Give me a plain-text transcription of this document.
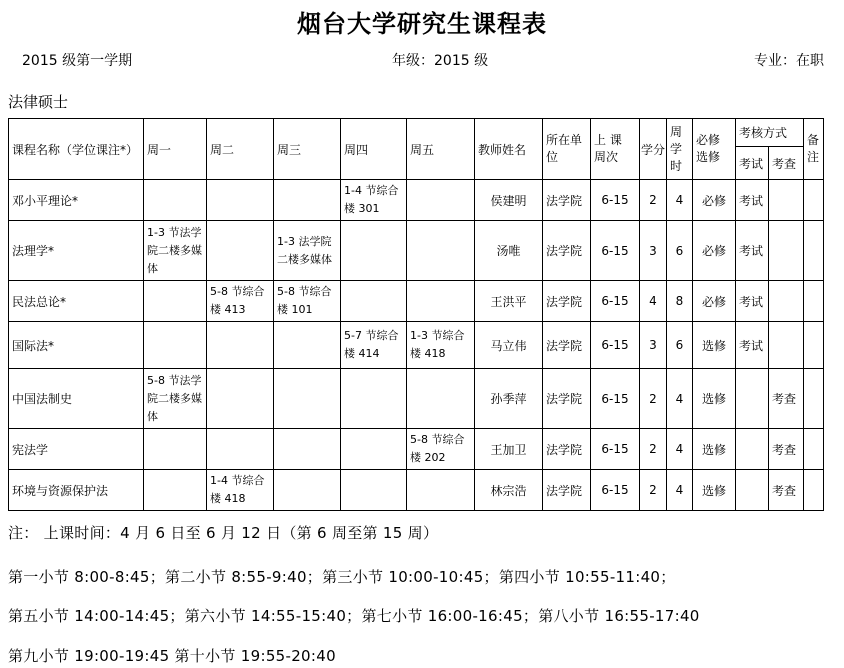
烟台大学研究生课程表
2015 级第一学期	年级：2015 级	专业：在职
法律硕士
课程名称（学位课注*）	周一	周二	周三	周四	周五	教师姓名	所在单位	上 课 周次	学分	周学时	必修 选修	考核方式		备注
												考试	考查	
邓小平理论*				1-4 节综合楼 301		侯建明	法学院	6-15	2	4	必修	考试		
法理学*	1-3 节法学院二楼多媒体		1-3 法学院二楼多媒体			汤唯	法学院	6-15	3	6	必修	考试		
民法总论*		5-8 节综合楼 413	5-8 节综合楼 101			王洪平	法学院	6-15	4	8	必修	考试		
国际法*				5-7 节综合楼 414	1-3 节综合楼 418	马立伟	法学院	6-15	3	6	选修	考试		
中国法制史	5-8 节法学院二楼多媒体					孙季萍	法学院	6-15	2	4	选修		考查	
宪法学					5-8 节综合楼 202	王加卫	法学院	6-15	2	4	选修		考查	
环境与资源保护法		1-4 节综合楼 418				林宗浩	法学院	6-15	2	4	选修		考查	
注： 上课时间：4 月 6 日至 6 月 12 日（第 6 周至第 15 周）
第一小节 8:00-8:45；第二小节 8:55-9:40；第三小节 10:00-10:45；第四小节 10:55-11:40；
第五小节 14:00-14:45；第六小节 14:55-15:40；第七小节 16:00-16:45；第八小节 16:55-17:40
第九小节 19:00-19:45 第十小节 19:55-20:40
